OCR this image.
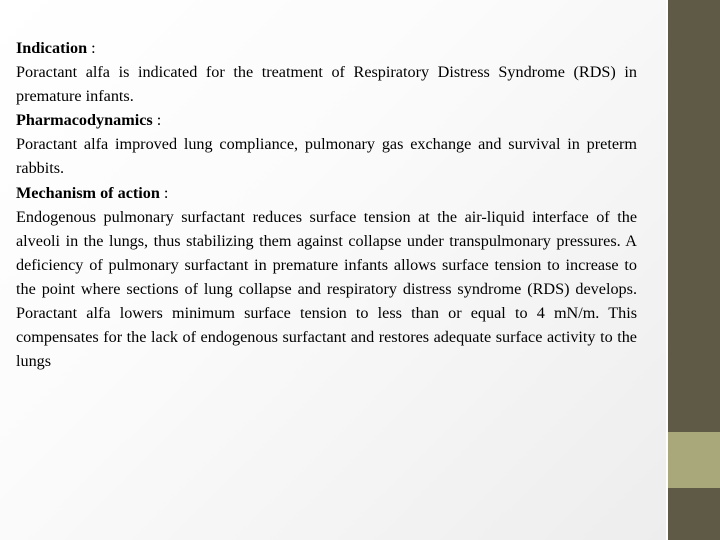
Indication :

Poractant alfa is indicated for the treatment of Respiratory Distress Syndrome (RDS) in premature infants.

Pharmacodynamics :

Poractant alfa improved lung compliance, pulmonary gas exchange and survival in preterm rabbits.

Mechanism of action :

Endogenous pulmonary surfactant reduces surface tension at the air-liquid interface of the alveoli in the lungs, thus stabilizing them against collapse under transpulmonary pressures. A deficiency of pulmonary surfactant in premature infants allows surface tension to increase to the point where sections of lung collapse and respiratory distress syndrome (RDS) develops. Poractant alfa lowers minimum surface tension to less than or equal to 4 mN/m. This compensates for the lack of endogenous surfactant and restores adequate surface activity to the lungs
